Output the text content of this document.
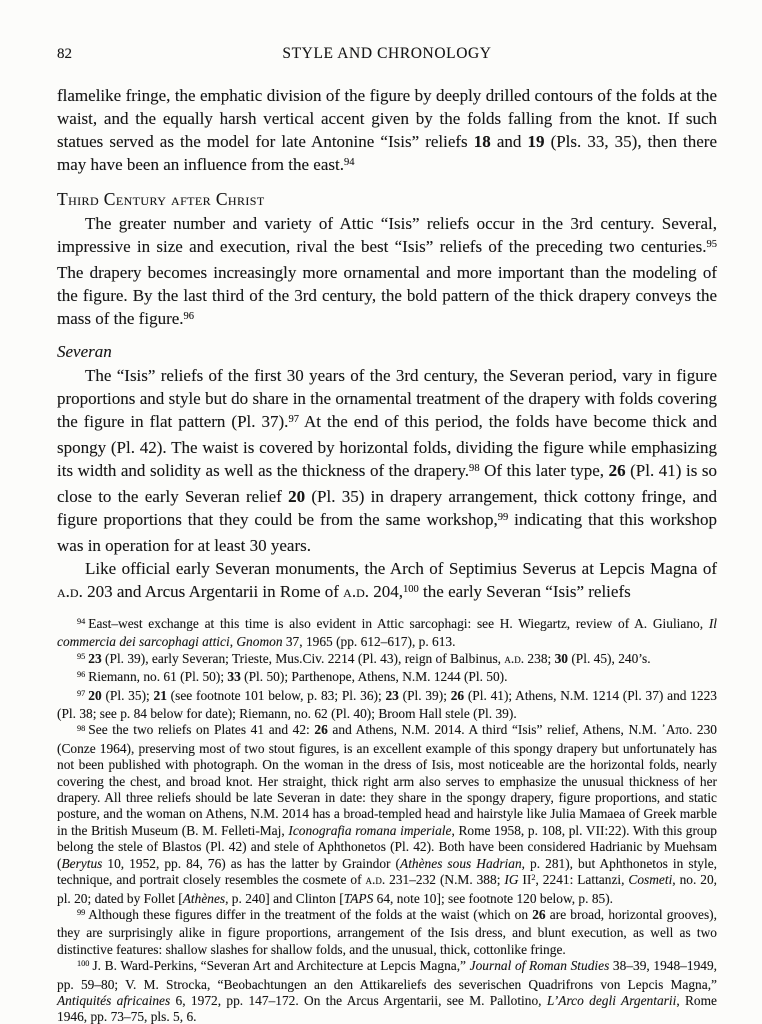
82	STYLE AND CHRONOLOGY

flamelike fringe, the emphatic division of the figure by deeply drilled contours of the folds at the waist, and the equally harsh vertical accent given by the folds falling from the knot. If such statues served as the model for late Antonine “Isis” reliefs 18 and 19 (Pls. 33, 35), then there may have been an influence from the east.$^{94}$

Third Century after Christ

The greater number and variety of Attic “Isis” reliefs occur in the 3rd century. Several, impressive in size and execution, rival the best “Isis” reliefs of the preceding two centuries.$^{95}$ The drapery becomes increasingly more ornamental and more important than the modeling of the figure. By the last third of the 3rd century, the bold pattern of the thick drapery conveys the mass of the figure.$^{96}$

Severan

The “Isis” reliefs of the first 30 years of the 3rd century, the Severan period, vary in figure proportions and style but do share in the ornamental treatment of the drapery with folds covering the figure in flat pattern (Pl. 37).$^{97}$ At the end of this period, the folds have become thick and spongy (Pl. 42). The waist is covered by horizontal folds, dividing the figure while emphasizing its width and solidity as well as the thickness of the drapery.$^{98}$ Of this later type, 26 (Pl. 41) is so close to the early Severan relief 20 (Pl. 35) in drapery arrangement, thick cottony fringe, and figure proportions that they could be from the same workshop,$^{99}$ indicating that this workshop was in operation for at least 30 years.

Like official early Severan monuments, the Arch of Septimius Severus at Lepcis Magna of a.d. 203 and Arcus Argentarii in Rome of a.d. 204,$^{100}$ the early Severan “Isis” reliefs

$^{94}$ East–west exchange at this time is also evident in Attic sarcophagi: see H. Wiegartz, review of A. Giuliano, Il commercia dei sarcophagi attici, Gnomon 37, 1965 (pp. 612–617), p. 613.

$^{95}$ 23 (Pl. 39), early Severan; Trieste, Mus.Civ. 2214 (Pl. 43), reign of Balbinus, a.d. 238; 30 (Pl. 45), 240’s.

$^{96}$ Riemann, no. 61 (Pl. 50); 33 (Pl. 50); Parthenope, Athens, N.M. 1244 (Pl. 50).

$^{97}$ 20 (Pl. 35); 21 (see footnote 101 below, p. 83; Pl. 36); 23 (Pl. 39); 26 (Pl. 41); Athens, N.M. 1214 (Pl. 37) and 1223 (Pl. 38; see p. 84 below for date); Riemann, no. 62 (Pl. 40); Broom Hall stele (Pl. 39).

$^{98}$ See the two reliefs on Plates 41 and 42: 26 and Athens, N.M. 2014. A third “Isis” relief, Athens, N.M. ᾿Απο. 230 (Conze 1964), preserving most of two stout figures, is an excellent example of this spongy drapery but unfortunately has not been published with photograph. On the woman in the dress of Isis, most noticeable are the horizontal folds, nearly covering the chest, and broad knot. Her straight, thick right arm also serves to emphasize the unusual thickness of her drapery. All three reliefs should be late Severan in date: they share in the spongy drapery, figure proportions, and static posture, and the woman on Athens, N.M. 2014 has a broad-templed head and hairstyle like Julia Mamaea of Greek marble in the British Museum (B. M. Felleti-Maj, Iconografia romana imperiale, Rome 1958, p. 108, pl. VII:22). With this group belong the stele of Blastos (Pl. 42) and stele of Aphthonetos (Pl. 42). Both have been considered Hadrianic by Muehsam (Berytus 10, 1952, pp. 84, 76) as has the latter by Graindor (Athènes sous Hadrian, p. 281), but Aphthonetos in style, technique, and portrait closely resembles the cosmete of a.d. 231–232 (N.M. 388; IG $II^2$, 2241: Lattanzi, Cosmeti, no. 20, pl. 20; dated by Follet [Athènes, p. 240] and Clinton [TAPS 64, note 10]; see footnote 120 below, p. 85).

$^{99}$ Although these figures differ in the treatment of the folds at the waist (which on 26 are broad, horizontal grooves), they are surprisingly alike in figure proportions, arrangement of the Isis dress, and blunt execution, as well as two distinctive features: shallow slashes for shallow folds, and the unusual, thick, cottonlike fringe.

$^{100}$ J. B. Ward-Perkins, “Severan Art and Architecture at Lepcis Magna,” Journal of Roman Studies 38–39, 1948–1949, pp. 59–80; V. M. Strocka, “Beobachtungen an den Attikareliefs des severischen Quadrifrons von Lepcis Magna,” Antiquités africaines 6, 1972, pp. 147–172. On the Arcus Argentarii, see M. Pallotino, L’Arco degli Argentarii, Rome 1946, pp. 73–75, pls. 5, 6.
